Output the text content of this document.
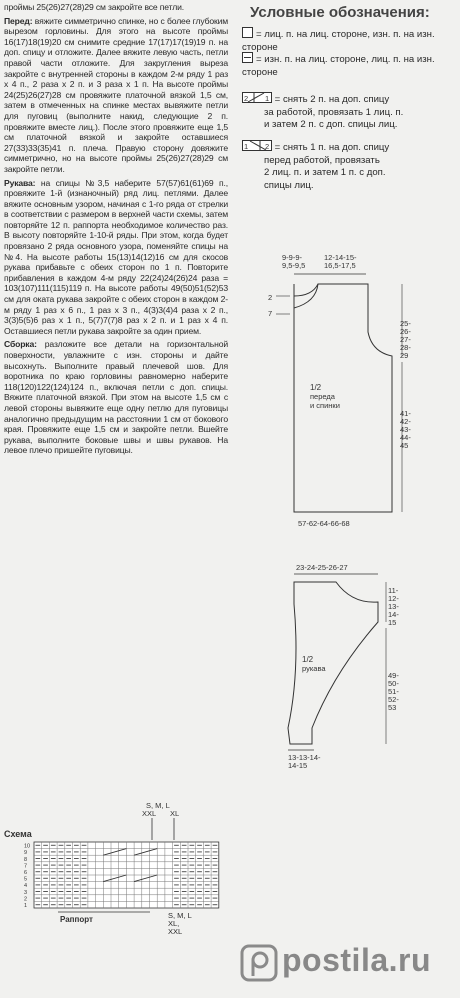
проймы 25(26)27(28)29 см закройте все петли.

Перед: вяжите симметрично спинке, но с более глубоким вырезом горловины. Для этого на высоте проймы 16(17)18(19)20 см снимите средние 17(17)17(19)19 п. на доп. спицу и отложите. Далее вяжите левую часть, петли правой части отложите. Для закругления выреза закройте с внутренней стороны в каждом 2-м ряду 1 раз х 4 п., 2 раза х 2 п. и 3 раза х 1 п. На высоте проймы 24(25)26(27)28 см провяжите платочной вязкой 1,5 см, затем в отмеченных на спинке местах вывяжите петли для пуговиц (выполните накид, следующие 2 п. провяжите вместе лиц.). После этого провяжите еще 1,5 см платочной вязкой и закройте оставшиеся 27(33)33(35)41 п. плеча. Правую сторону довяжите симметрично, но на высоте проймы 25(26)27(28)29 см закройте петли.

Рукава: на спицы №3,5 наберите 57(57)61(61)69 п., провяжите 1-й (изнаночный) ряд лиц. петлями. Далее вяжите основным узором, начиная с 1-го ряда от стрелки в соответствии с размером в верхней части схемы, затем повторяйте 12 п. раппорта необходимое количество раз. В высоту повторяйте 1-10-й ряды. При этом, когда будет провязано 2 ряда основного узора, поменяйте спицы на №4. На высоте работы 15(13)14(12)16 см для скосов рукава прибавьте с обеих сторон по 1 п. Повторите прибавления в каждом 4-м ряду 22(24)24(26)24 раза = 103(107)111(115)119 п. На высоте работы 49(50)51(52)53 см для оката рукава закройте с обеих сторон в каждом 2-м ряду 1 раз х 6 п., 1 раз х 3 п., 4(3)3(4)4 раза х 2 п., 3(3)5(5)6 раз х 1 п., 5(7)7(7)8 раз х 2 п. и 1 раз х 4 п. Оставшиеся петли рукава закройте за один прием.

Сборка: разложите все детали на горизонтальной поверхности, увлажните с изн. стороны и дайте высохнуть. Выполните правый плечевой шов. Для воротника по краю горловины равномерно наберите 118(120)122(124)124 п., включая петли с доп. спицы. Вяжите платочной вязкой. При этом на высоте 1,5 см с левой стороны вывяжите еще одну петлю для пуговицы аналогично предыдущим на расстоянии 1 см от бокового края. Провяжите еще 1,5 см и закройте петли. Вшейте рукава, выполните боковые швы и швы рукавов. На левое плечо пришейте пуговицы.

Схема
S, M, L
XXL XL
10
9
8
7
6
5
4
3
2
1
Раппорт	S, M, L
XL,
XXL
Условные обозначения:
= лиц. п. на лиц. стороне, изн. п. на изн. стороне
= изн. п. на лиц. стороне, лиц. п. на изн. стороне
2 1 = снять 2 п. на доп. спицу
за работой, провязать 1 лиц. п.
и затем 2 п. с доп. спицы лиц.
1 2 = снять 1 п. на доп. спицу
перед работой, провязать
2 лиц. п. и затем 1 п. с доп.
спицы лиц.
9-9-9-
9,5-9,5
12-14-15-
16,5-17,5
2
7
25-
26-
27-
28-
29
41-
42-
43-
44-
45
1/2
переда
и спинки
57-62-64-66-68
23-24-25-26-27
11-
12-
13-
14-
15
49-
50-
51-
52-
53
1/2
рукава
13-13-14-
14-15
postila.ru
